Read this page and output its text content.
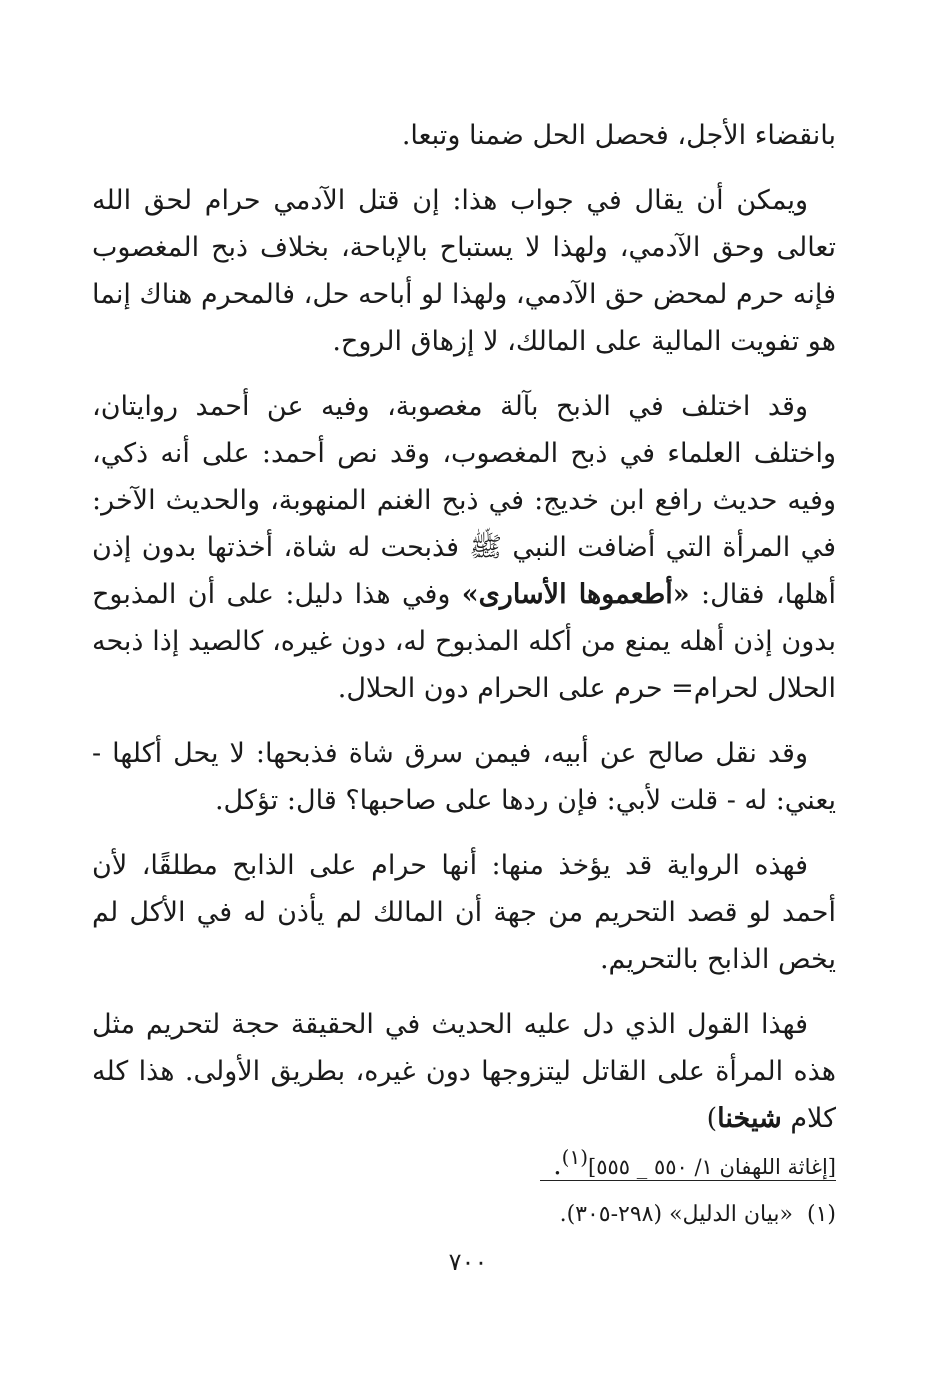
بانقضاء الأجل، فحصل الحل ضمنا وتبعا.

ويمكن أن يقال في جواب هذا: إن قتل الآدمي حرام لحق الله تعالى وحق الآدمي، ولهذا لا يستباح بالإباحة، بخلاف ذبح المغصوب فإنه حرم لمحض حق الآدمي، ولهذا لو أباحه حل، فالمحرم هناك إنما هو تفويت المالية على المالك، لا إزهاق الروح.

وقد اختلف في الذبح بآلة مغصوبة، وفيه عن أحمد روايتان، واختلف العلماء في ذبح المغصوب، وقد نص أحمد: على أنه ذكي، وفيه حديث رافع ابن خديج: في ذبح الغنم المنهوبة، والحديث الآخر: في المرأة التي أضافت النبي ﷺ فذبحت له شاة، أخذتها بدون إذن أهلها، فقال: «أطعموها الأسارى» وفي هذا دليل: على أن المذبوح بدون إذن أهله يمنع من أكله المذبوح له، دون غيره، كالصيد إذا ذبحه الحلال لحرام= حرم على الحرام دون الحلال.

وقد نقل صالح عن أبيه، فيمن سرق شاة فذبحها: لا يحل أكلها - يعني: له - قلت لأبي: فإن ردها على صاحبها؟ قال: تؤكل.

فهذه الرواية قد يؤخذ منها: أنها حرام على الذابح مطلقًا، لأن أحمد لو قصد التحريم من جهة أن المالك لم يأذن له في الأكل لم يخص الذابح بالتحريم.

فهذا القول الذي دل عليه الحديث في الحقيقة حجة لتحريم مثل هذه المرأة على القاتل ليتزوجها دون غيره، بطريق الأولى. هذا كله كلام شيخنا)
[إغاثة اللهفان ١/ ٥٥٠ _ ٥٥٥]$^{(١)}$.

(١)«بيان الدليل» (٢٩٨-٣٠٥).
٧٠٠
